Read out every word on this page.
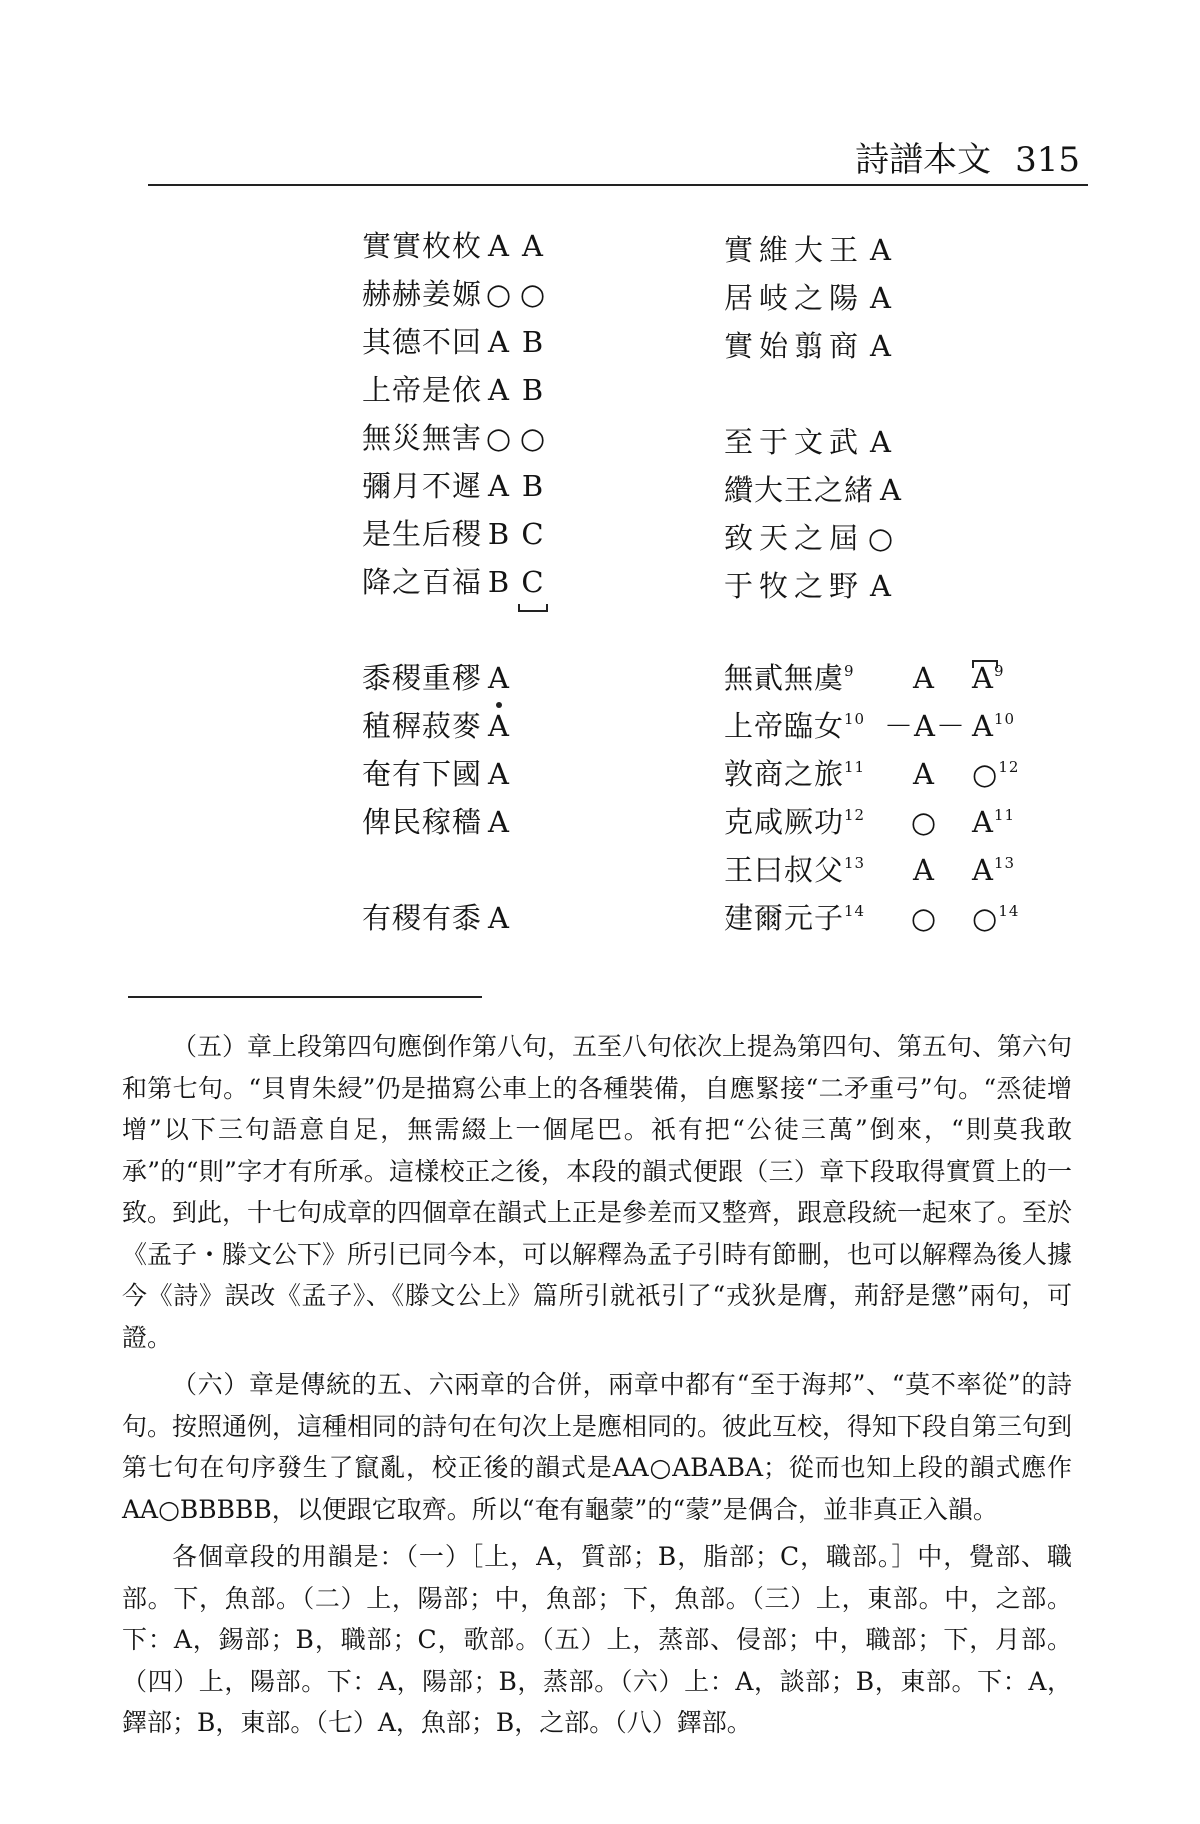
詩譜本文 315
實實枚枚 A A
赫赫姜嫄 ○ ○
其德不回 A B
上帝是依 A B
無災無害 ○ ○
彌月不遲 A B
是生后稷 B C
降之百福 B C
黍稷重穋 A
稙稺菽麥 A
奄有下國 A
俾民稼穡 A
有稷有黍 A
實維大王 A
居岐之陽 A
實始翦商 A
至于文武 A
纘大王之緒 A
致天之屆 ○
于牧之野 A
無貳無虞$^9$
上帝臨女$^{10}$
敦商之旅$^{11}$
克咸厥功$^{12}$
王曰叔父$^{13}$
建爾元子$^{14}$
A
－A－
A
○
A
○
$A^9$
$A^{10}$
○$^{12}$
$A^{11}$
$A^{13}$
○$^{14}$

（五）章上段第四句應倒作第八句，五至八句依次上提為第四句、第五句、第六句和第七句。“貝胄朱綅”仍是描寫公車上的各種裝備，自應緊接“二矛重弓”句。“烝徒增增”以下三句語意自足，無需綴上一個尾巴。祇有把“公徒三萬”倒來，“則莫我敢承”的“則”字才有所承。這樣校正之後，本段的韻式便跟（三）章下段取得實質上的一致。到此，十七句成章的四個章在韻式上正是參差而又整齊，跟意段統一起來了。至於《孟子・滕文公下》所引已同今本，可以解釋為孟子引時有節刪，也可以解釋為後人據今《詩》誤改《孟子》、《滕文公上》篇所引就祇引了“戎狄是膺，荊舒是懲”兩句，可證。

（六）章是傳統的五、六兩章的合併，兩章中都有“至于海邦”、“莫不率從”的詩句。按照通例，這種相同的詩句在句次上是應相同的。彼此互校，得知下段自第三句到第七句在句序發生了竄亂，校正後的韻式是AA○ABABA；從而也知上段的韻式應作AA○BBBBB，以便跟它取齊。所以“奄有龜蒙”的“蒙”是偶合，並非真正入韻。

各個章段的用韻是：（一）［上，A，質部；B，脂部；C，職部。］中，覺部、職部。下，魚部。（二）上，陽部；中，魚部；下，魚部。（三）上，東部。中，之部。下：A，錫部；B，職部；C，歌部。（五）上，蒸部、侵部；中，職部；下，月部。（四）上，陽部。下：A，陽部；B，蒸部。（六）上：A，談部；B，東部。下：A，鐸部；B，東部。（七）A，魚部；B，之部。（八）鐸部。
